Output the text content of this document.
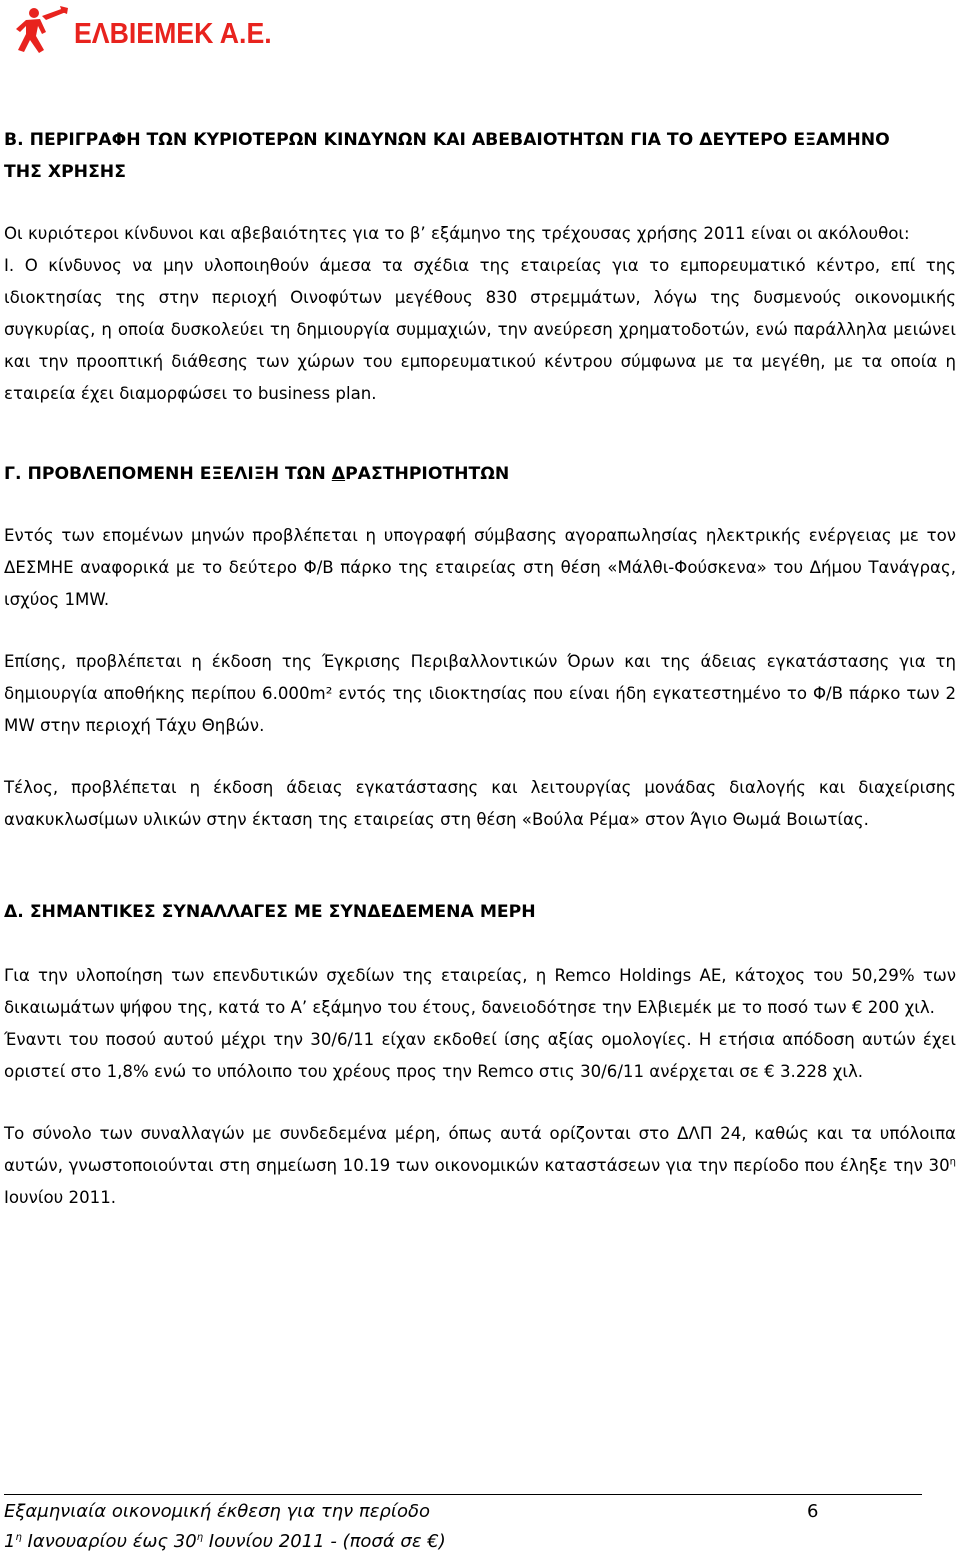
ΕΛΒΙΕΜΕΚ Α.Ε.

Β. ΠΕΡΙΓΡΑΦΗ ΤΩΝ ΚΥΡΙΟΤΕΡΩΝ ΚΙΝΔΥΝΩΝ ΚΑΙ ΑΒΕΒΑΙΟΤΗΤΩΝ ΓΙΑ ΤΟ ΔΕΥΤΕΡΟ ΕΞΑΜΗΝΟ
ΤΗΣ ΧΡΗΣΗΣ

Οι κυριότεροι κίνδυνοι και αβεβαιότητες για το β’ εξάμηνο της τρέχουσας χρήσης 2011 είναι οι ακόλουθοι:

Ι. Ο κίνδυνος να μην υλοποιηθούν άμεσα τα σχέδια της εταιρείας για το εμπορευματικό κέντρο, επί της ιδιοκτησίας της στην περιοχή Οινοφύτων μεγέθους 830 στρεμμάτων, λόγω της δυσμενούς οικονομικής συγκυρίας, η οποία δυσκολεύει τη δημιουργία συμμαχιών, την ανεύρεση χρηματοδοτών, ενώ παράλληλα μειώνει και την προοπτική διάθεσης των χώρων του εμπορευματικού κέντρου σύμφωνα με τα μεγέθη, με τα οποία η εταιρεία έχει διαμορφώσει το business plan.

Γ. ΠΡΟΒΛΕΠΟΜΕΝΗ ΕΞΕΛΙΞΗ ΤΩΝ ΔΡΑΣΤΗΡΙΟΤΗΤΩΝ

Εντός των επομένων μηνών προβλέπεται η υπογραφή σύμβασης αγοραπωλησίας ηλεκτρικής ενέργειας με τον ΔΕΣΜΗΕ αναφορικά με το δεύτερο Φ/Β πάρκο της εταιρείας στη θέση «Μάλθι-Φούσκενα» του Δήμου Τανάγρας, ισχύος 1MW.

Επίσης, προβλέπεται η έκδοση της Έγκρισης Περιβαλλοντικών Όρων και της άδειας εγκατάστασης για τη δημιουργία αποθήκης περίπου 6.000m² εντός της ιδιοκτησίας που είναι ήδη εγκατεστημένο το Φ/Β πάρκο των 2 MW στην περιοχή Τάχυ Θηβών.

Τέλος, προβλέπεται η έκδοση άδειας εγκατάστασης και λειτουργίας μονάδας διαλογής και διαχείρισης ανακυκλωσίμων υλικών στην έκταση της εταιρείας στη θέση «Βούλα Ρέμα» στον Άγιο Θωμά Βοιωτίας.

Δ. ΣΗΜΑΝΤΙΚΕΣ ΣΥΝΑΛΛΑΓΕΣ ΜΕ ΣΥΝΔΕΔΕΜΕΝΑ ΜΕΡΗ

Για την υλοποίηση των επενδυτικών σχεδίων της εταιρείας, η Remco Holdings AE, κάτοχος του 50,29% των δικαιωμάτων ψήφου της, κατά το Α’ εξάμηνο του έτους, δανειοδότησε την Ελβιεμέκ με το ποσό των € 200 χιλ.

Έναντι του ποσού αυτού μέχρι την 30/6/11 είχαν εκδοθεί ίσης αξίας ομολογίες. Η ετήσια απόδοση αυτών έχει οριστεί στο 1,8% ενώ το υπόλοιπο του χρέους προς την Remco στις 30/6/11 ανέρχεται σε € 3.228 χιλ.

Το σύνολο των συναλλαγών με συνδεδεμένα μέρη, όπως αυτά ορίζονται στο ΔΛΠ 24, καθώς και τα υπόλοιπα αυτών, γνωστοποιούνται στη σημείωση 10.19 των οικονομικών καταστάσεων για την περίοδο που έληξε την $30^\eta$ Ιουνίου 2011.

Εξαμηνιαία οικονομική έκθεση για την περίοδο	6
$1^\eta$ Ιανουαρίου έως $30^\eta$ Ιουνίου 2011 - (ποσά σε €)
